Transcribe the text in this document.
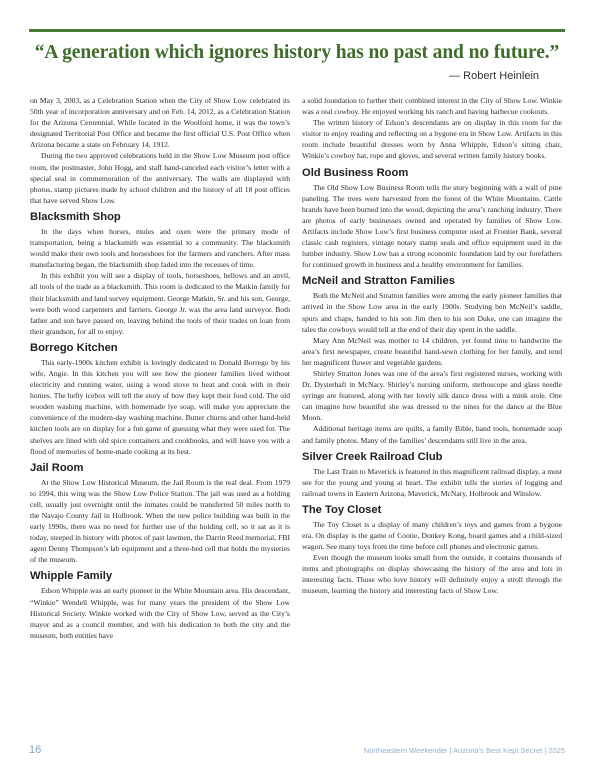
“A generation which ignores history has no past and no future.”
— Robert Heinlein

on May 3, 2003, as a Celebration Station when the City of Show Low celebrated its 50th year of incorporation anniversary and on Feb. 14, 2012, as a Celebration Station for the Arizona Centennial. While located in the Woolford home, it was the town’s designated Territorial Post Office and became the first official U.S. Post Office when Arizona became a state on February 14, 1912.

During the two approved celebrations held in the Show Low Museum post office room, the postmaster, John Hogg, and staff hand-canceled each visitor’s letter with a special seal in commemoration of the anniversary. The walls are displayed with photos, stamp pictures made by school children and the history of all 18 post offices that have served Show Low.

Blacksmith Shop

In the days when horses, mules and oxen were the primary mode of transportation, being a blacksmith was essential to a community. The blacksmith would make their own tools and horseshoes for the farmers and ranchers. After mass manufacturing began, the blacksmith shop faded into the recesses of time.

In this exhibit you will see a display of tools, horseshoes, bellows and an anvil, all tools of the trade as a blacksmith. This room is dedicated to the Matkin family for their blacksmith and land survey equipment. George Matkin, Sr. and his son, George, were both wood carpenters and farriers. George Jr. was the area land surveyor. Both father and son have passed on, leaving behind the tools of their trades on loan from their grandson, for all to enjoy.

Borrego Kitchen

This early-1900s kitchen exhibit is lovingly dedicated to Donald Borrego by his wife, Angie. In this kitchen you will see how the pioneer families lived without electricity and running water, using a wood stove to heat and cook with in their homes. The hefty icebox will tell the story of how they kept their food cold. The old wooden washing machine, with homemade lye soap, will make you appreciate the convenience of the modern-day washing machine. Butter churns and other hand-held kitchen tools are on display for a fun game of guessing what they were used for. The shelves are lined with old spice containers and cookbooks, and will leave you with a flood of memories of home-made cooking at its best.

Jail Room

At the Show Low Historical Museum, the Jail Room is the real deal. From 1979 to 1994, this wing was the Show Low Police Station. The jail was used as a holding cell, usually just overnight until the inmates could be transferred 50 miles north to the Navajo County Jail in Holbrook. When the new police building was built in the early 1990s, there was no need for further use of the holding cell, so it sat as it is today, steeped in history with photos of past lawmen, the Darrin Reed memorial, FBI agent Denny Thompson’s lab equipment and a three-bed cell that holds the mysteries of the museum.

Whipple Family

Edson Whipple was an early pioneer in the White Mountain area. His descendant, “Winkie” Wendell Whipple, was for many years the president of the Show Low Historical Society. Winkie worked with the City of Show Low, served as the City’s mayor and as a council member, and with his dedication to both the city and the museum, both entities have

a solid foundation to further their combined interest in the City of Show Low. Winkie was a real cowboy. He enjoyed working his ranch and having barbecue cookouts.

The written history of Edson’s descendants are on display in this room for the visitor to enjoy reading and reflecting on a bygone era in Show Low. Artifacts in this room include beautiful dresses worn by Anna Whipple, Edson’s sitting chair, Winkie’s cowboy hat, rope and gloves, and several written family history books.

Old Business Room

The Old Show Low Business Room tells the story beginning with a wall of pine paneling. The trees were harvested from the forest of the White Mountains. Cattle brands have been burned into the wood, depicting the area’s ranching industry. There are photos of early businesses owned and operated by families of Show Low. Artifacts include Show Low’s first business computer used at Frontier Bank, several classic cash registers, vintage notary stamp seals and office equipment used in the lumber industry. Show Low has a strong economic foundation laid by our forefathers for continued growth in business and a healthy environment for families.

McNeil and Stratton Families

Both the McNeil and Stratton families were among the early pioneer families that arrived in the Show Low area in the early 1900s. Studying ben McNeil’s saddle, spurs and chaps, handed to his son Jim then to his son Duke, one can imagine the tales the cowboys would tell at the end of their day spent in the saddle.

Mary Ann McNeil was mother to 14 children, yet found time to handwrite the area’s first newspaper, create beautiful hand-sewn clothing for her family, and tend her magnificent flower and vegetable gardens.

Shirley Stratton Jones was one of the area’s first registered nurses, working with Dr. Dysterhaft in McNary. Shirley’s nursing uniform, stethoscope and glass needle syringe are featured, along with her lovely silk dance dress with a mink stole. One can imagine how beautiful she was dressed to the nines for the dance at the Blue Moon.

Additional heritage items are quilts, a family Bible, hand tools, homemade soap and family photos. Many of the families’ descendants still live in the area.

Silver Creek Railroad Club

The Last Train to Maverick is featured in this magnificent railroad display, a must see for the young and young at heart. The exhibit tells the stories of logging and railroad towns in Eastern Arizona, Maverick, McNary, Holbrook and Winslow.

The Toy Closet

The Toy Closet is a display of many children’s toys and games from a bygone era. On display is the game of Cootie, Donkey Kong, board games and a child-sized wagon. See many toys from the time before cell phones and electronic games.

Even though the museum looks small from the outside, it contains thousands of items and photographs on display showcasing the history of the area and lots in interesting facts. Those who love history will definitely enjoy a stroll through the museum, learning the history and interesting facts of Show Low.

16	Northeastern Weekender | Arizona’s Best Kept Secret | 2025
